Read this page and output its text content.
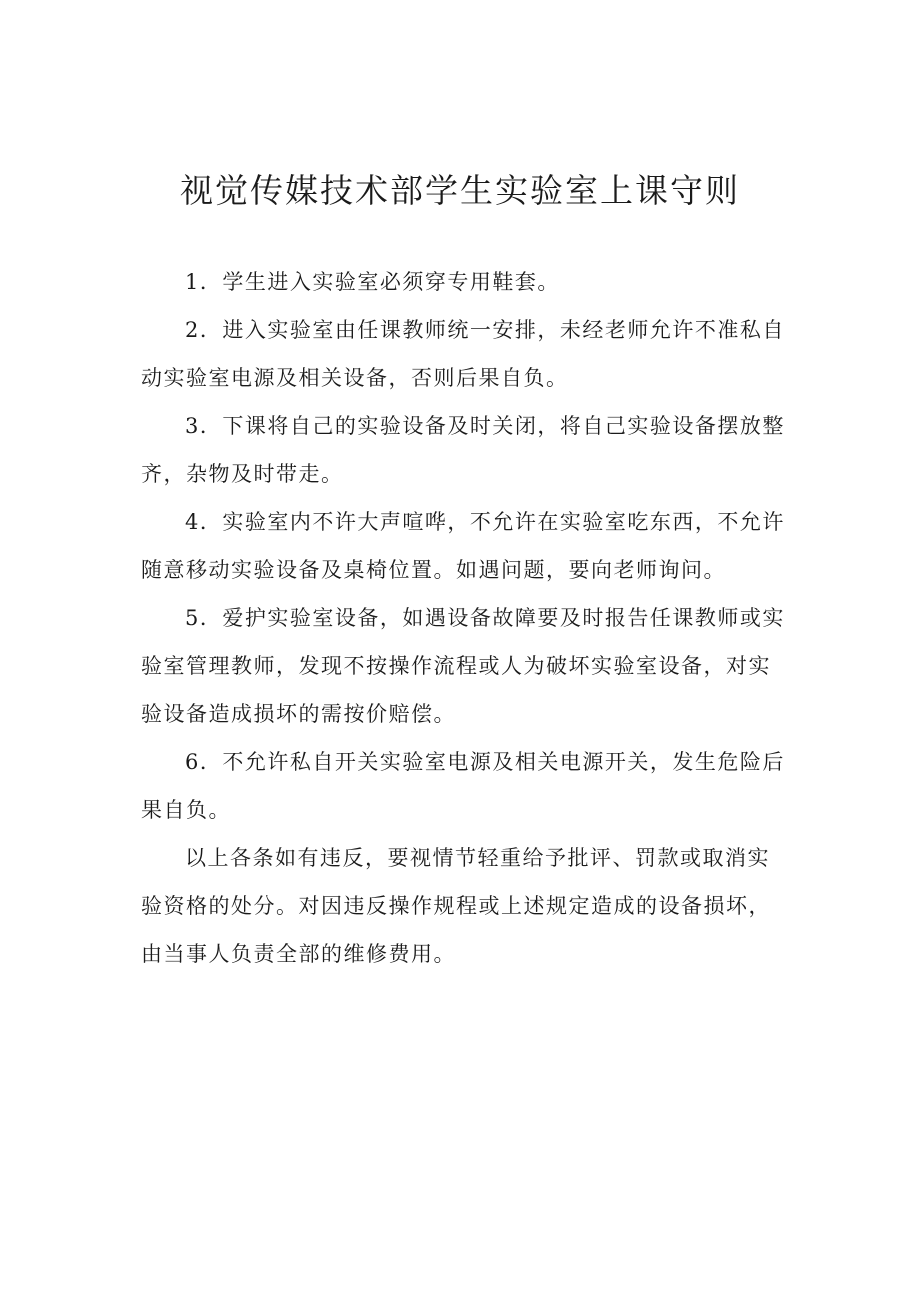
视觉传媒技术部学生实验室上课守则

1．学生进入实验室必须穿专用鞋套。

2．进入实验室由任课教师统一安排，未经老师允许不准私自动实验室电源及相关设备，否则后果自负。

3．下课将自己的实验设备及时关闭，将自己实验设备摆放整齐，杂物及时带走。

4．实验室内不许大声喧哗，不允许在实验室吃东西，不允许随意移动实验设备及桌椅位置。如遇问题，要向老师询问。

5．爱护实验室设备，如遇设备故障要及时报告任课教师或实验室管理教师，发现不按操作流程或人为破坏实验室设备，对实验设备造成损坏的需按价赔偿。

6．不允许私自开关实验室电源及相关电源开关，发生危险后果自负。

以上各条如有违反，要视情节轻重给予批评、罚款或取消实验资格的处分。对因违反操作规程或上述规定造成的设备损坏，由当事人负责全部的维修费用。
